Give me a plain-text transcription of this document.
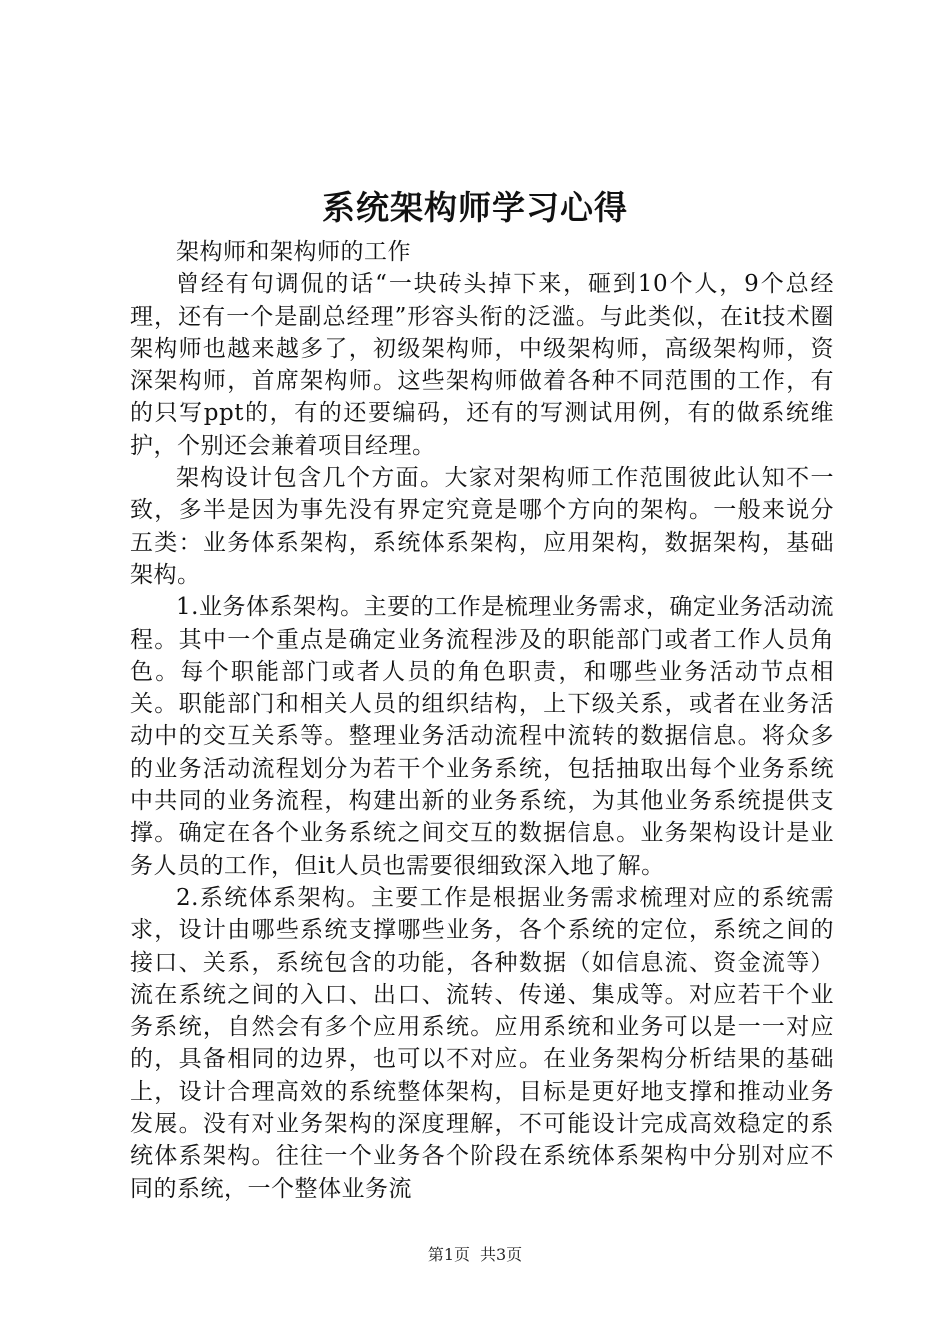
系统架构师学习心得

架构师和架构师的工作

曾经有句调侃的话“一块砖头掉下来，砸到10个人，9个总经理，还有一个是副总经理”形容头衔的泛滥。与此类似，在it技术圈架构师也越来越多了，初级架构师，中级架构师，高级架构师，资深架构师，首席架构师。这些架构师做着各种不同范围的工作，有的只写ppt的，有的还要编码，还有的写测试用例，有的做系统维护，个别还会兼着项目经理。

架构设计包含几个方面。大家对架构师工作范围彼此认知不一致，多半是因为事先没有界定究竟是哪个方向的架构。一般来说分五类：业务体系架构，系统体系架构，应用架构，数据架构，基础架构。

1.业务体系架构。主要的工作是梳理业务需求，确定业务活动流程。其中一个重点是确定业务流程涉及的职能部门或者工作人员角色。每个职能部门或者人员的角色职责，和哪些业务活动节点相关。职能部门和相关人员的组织结构，上下级关系，或者在业务活动中的交互关系等。整理业务活动流程中流转的数据信息。将众多的业务活动流程划分为若干个业务系统，包括抽取出每个业务系统中共同的业务流程，构建出新的业务系统，为其他业务系统提供支撑。确定在各个业务系统之间交互的数据信息。业务架构设计是业务人员的工作，但it人员也需要很细致深入地了解。

2.系统体系架构。主要工作是根据业务需求梳理对应的系统需求，设计由哪些系统支撑哪些业务，各个系统的定位，系统之间的接口、关系，系统包含的功能，各种数据（如信息流、资金流等）流在系统之间的入口、出口、流转、传递、集成等。对应若干个业务系统，自然会有多个应用系统。应用系统和业务可以是一一对应的，具备相同的边界，也可以不对应。在业务架构分析结果的基础上，设计合理高效的系统整体架构，目标是更好地支撑和推动业务发展。没有对业务架构的深度理解，不可能设计完成高效稳定的系统体系架构。往往一个业务各个阶段在系统体系架构中分别对应不同的系统，一个整体业务流

第1页 共3页
